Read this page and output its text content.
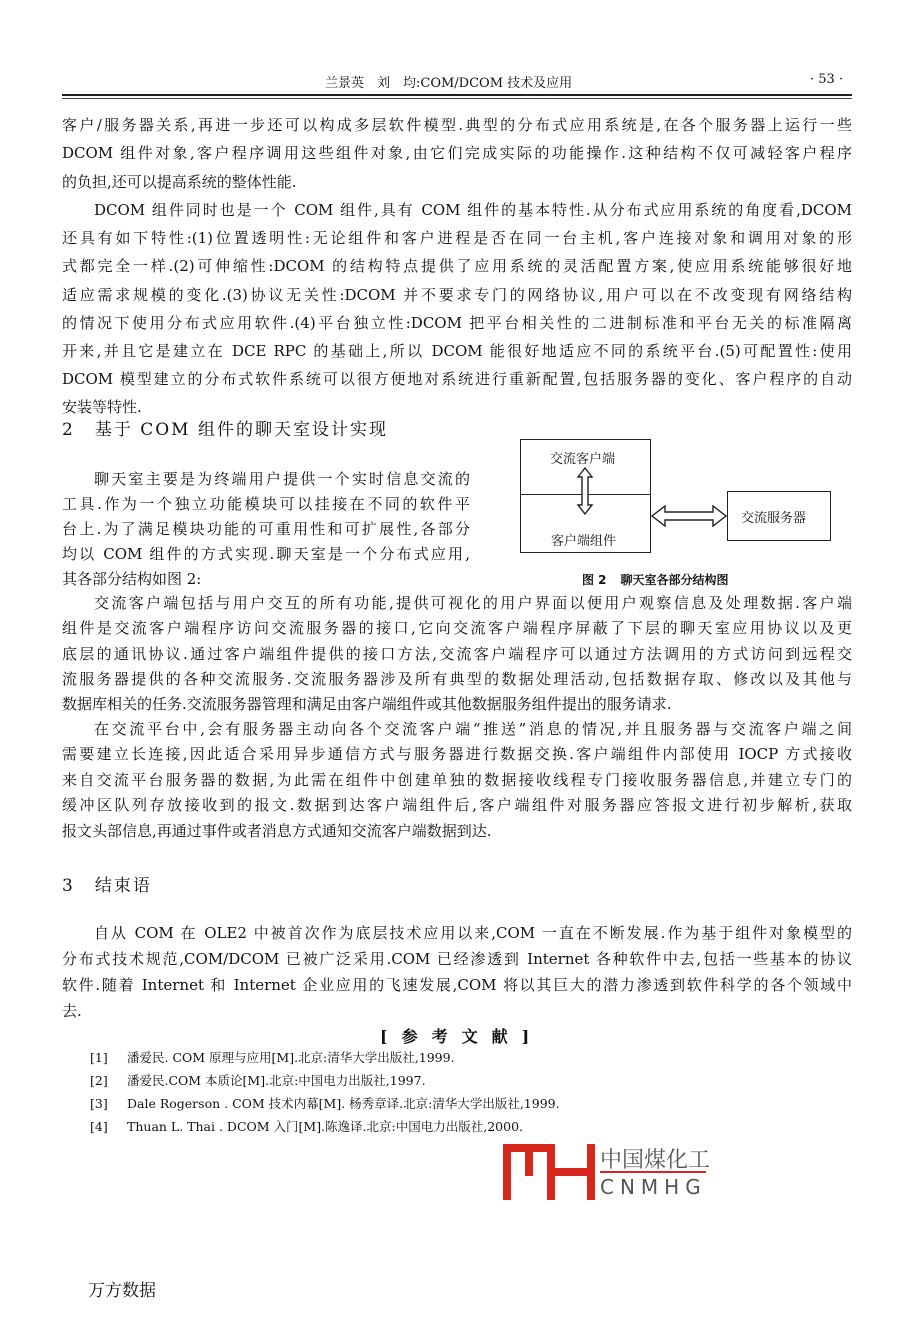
兰景英　刘　均:COM/DCOM 技术及应用	· 53 ·
客户/服务器关系,再进一步还可以构成多层软件模型.典型的分布式应用系统是,在各个服务器上运行一些
DCOM 组件对象,客户程序调用这些组件对象,由它们完成实际的功能操作.这种结构不仅可减轻客户程序
的负担,还可以提高系统的整体性能.
DCOM 组件同时也是一个 COM 组件,具有 COM 组件的基本特性.从分布式应用系统的角度看,DCOM
还具有如下特性:(1)位置透明性:无论组件和客户进程是否在同一台主机,客户连接对象和调用对象的形
式都完全一样.(2)可伸缩性:DCOM 的结构特点提供了应用系统的灵活配置方案,使应用系统能够很好地
适应需求规模的变化.(3)协议无关性:DCOM 并不要求专门的网络协议,用户可以在不改变现有网络结构
的情况下使用分布式应用软件.(4)平台独立性:DCOM 把平台相关性的二进制标准和平台无关的标准隔离
开来,并且它是建立在 DCE RPC 的基础上,所以 DCOM 能很好地适应不同的系统平台.(5)可配置性:使用
DCOM 模型建立的分布式软件系统可以很方便地对系统进行重新配置,包括服务器的变化、客户程序的自动
安装等特性.
聊天室主要是为终端用户提供一个实时信息交流的
工具.作为一个独立功能模块可以挂接在不同的软件平
台上.为了满足模块功能的可重用性和可扩展性,各部分
均以 COM 组件的方式实现.聊天室是一个分布式应用,
其各部分结构如图 2:
交流客户端包括与用户交互的所有功能,提供可视化的用户界面以便用户观察信息及处理数据.客户端
组件是交流客户端程序访问交流服务器的接口,它向交流客户端程序屏蔽了下层的聊天室应用协议以及更
底层的通讯协议.通过客户端组件提供的接口方法,交流客户端程序可以通过方法调用的方式访问到远程交
流服务器提供的各种交流服务.交流服务器涉及所有典型的数据处理活动,包括数据存取、修改以及其他与
数据库相关的任务.交流服务器管理和满足由客户端组件或其他数据服务组件提出的服务请求.
在交流平台中,会有服务器主动向各个交流客户端“推送”消息的情况,并且服务器与交流客户端之间
需要建立长连接,因此适合采用异步通信方式与服务器进行数据交换.客户端组件内部使用 IOCP 方式接收
来自交流平台服务器的数据,为此需在组件中创建单独的数据接收线程专门接收服务器信息,并建立专门的
缓冲区队列存放接收到的报文.数据到达客户端组件后,客户端组件对服务器应答报文进行初步解析,获取
报文头部信息,再通过事件或者消息方式通知交流客户端数据到达.
自从 COM 在 OLE2 中被首次作为底层技术应用以来,COM 一直在不断发展.作为基于组件对象模型的
分布式技术规范,COM/DCOM 已被广泛采用.COM 已经渗透到 Internet 各种软件中去,包括一些基本的协议
软件.随着 Internet 和 Internet 企业应用的飞速发展,COM 将以其巨大的潜力渗透到软件科学的各个领域中
去.
2 基于 COM 组件的聊天室设计实现
交流客户端
客户端组件
交流服务器
图 2 聊天室各部分结构图
3 结束语
[参考文献]
[1] 潘爱民. COM 原理与应用[M].北京:清华大学出版社,1999.
[2] 潘爱民.COM 本质论[M].北京:中国电力出版社,1997.
[3] Dale Rogerson . COM 技术内幕[M]. 杨秀章译.北京:清华大学出版社,1999.
[4] Thuan L. Thai . DCOM 入门[M].陈逸译.北京:中国电力出版社,2000.
中国煤化工
CNMHG
万方数据
